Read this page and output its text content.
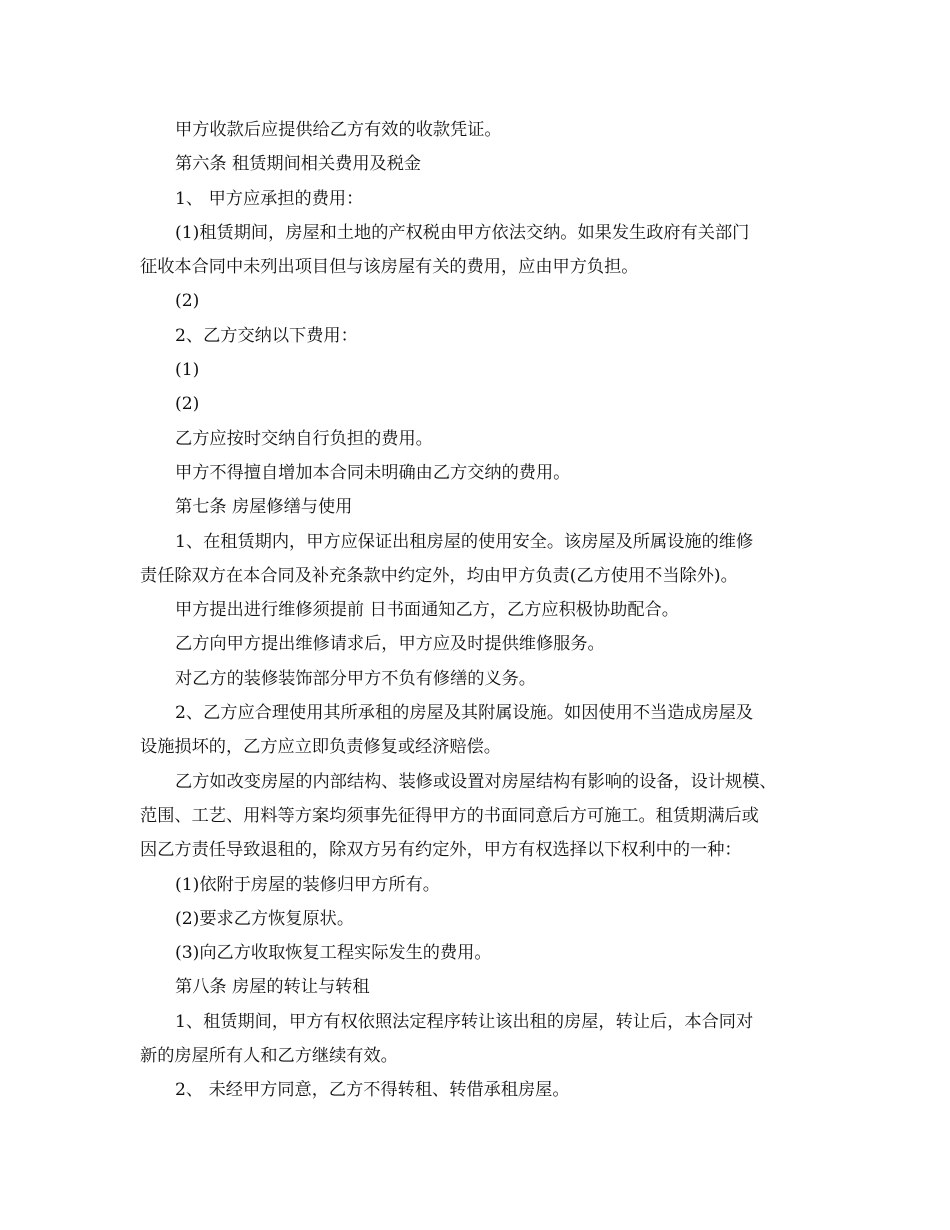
甲方收款后应提供给乙方有效的收款凭证。
第六条 租赁期间相关费用及税金
1、 甲方应承担的费用：
(1)租赁期间，房屋和土地的产权税由甲方依法交纳。如果发生政府有关部门
征收本合同中未列出项目但与该房屋有关的费用，应由甲方负担。
(2)
2、乙方交纳以下费用：
(1)
(2)
乙方应按时交纳自行负担的费用。
甲方不得擅自增加本合同未明确由乙方交纳的费用。
第七条 房屋修缮与使用
1、在租赁期内，甲方应保证出租房屋的使用安全。该房屋及所属设施的维修
责任除双方在本合同及补充条款中约定外，均由甲方负责(乙方使用不当除外)。
甲方提出进行维修须提前 日书面通知乙方，乙方应积极协助配合。
乙方向甲方提出维修请求后，甲方应及时提供维修服务。
对乙方的装修装饰部分甲方不负有修缮的义务。
2、乙方应合理使用其所承租的房屋及其附属设施。如因使用不当造成房屋及
设施损坏的，乙方应立即负责修复或经济赔偿。
乙方如改变房屋的内部结构、装修或设置对房屋结构有影响的设备，设计规模、
范围、工艺、用料等方案均须事先征得甲方的书面同意后方可施工。租赁期满后或
因乙方责任导致退租的，除双方另有约定外，甲方有权选择以下权利中的一种：
(1)依附于房屋的装修归甲方所有。
(2)要求乙方恢复原状。
(3)向乙方收取恢复工程实际发生的费用。
第八条 房屋的转让与转租
1、租赁期间，甲方有权依照法定程序转让该出租的房屋，转让后，本合同对
新的房屋所有人和乙方继续有效。
2、 未经甲方同意，乙方不得转租、转借承租房屋。
